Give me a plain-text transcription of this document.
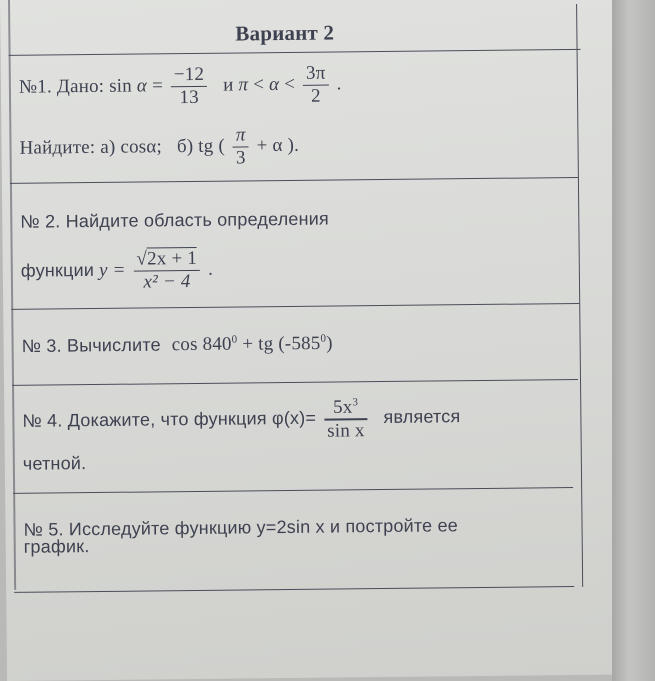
Вариант 2
№1. Дано: $\sin \alpha = \frac{-12}{13}$ и $\pi < \alpha < \frac{3\pi}{2}$ .
Найдите: а) cosα; б) tg ( $\frac{\pi}{3} + \alpha$ ).
№ 2. Найдите область определения
функции $y = \frac{√2x + 1}{\text{x² − 4}}$ .
№ 3. Вычислите $\cos 840^0$ + tg $(-585^0)$
№ 4. Докажите, что функция $\varphi(x)= \frac{5x^3}{\text{sin x}}$ является
четной.
№ 5. Исследуйте функцию y=2sin x и постройте ее
график.
